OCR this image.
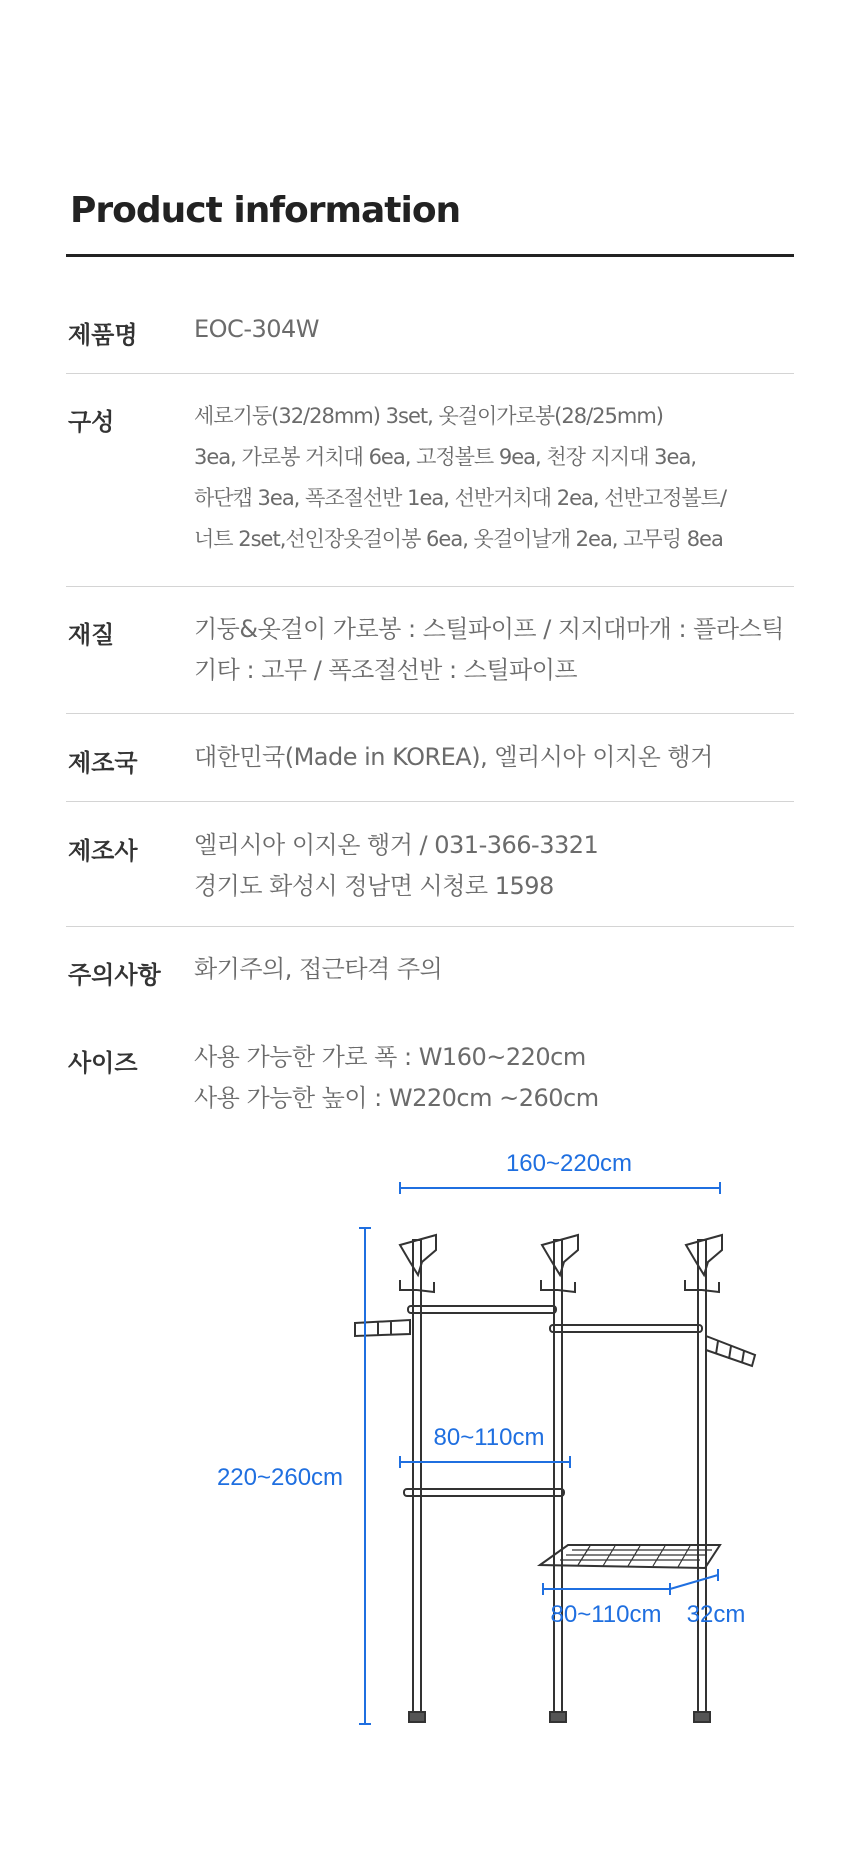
Product information
제품명 EOC-304W
구성	세로기둥(32/28mm) 3set, 옷걸이가로봉(28/25mm)
3ea, 가로봉 거치대 6ea, 고정볼트 9ea, 천장 지지대 3ea,
하단캡 3ea, 폭조절선반 1ea, 선반거치대 2ea, 선반고정볼트/
너트 2set,선인장옷걸이봉 6ea, 옷걸이날개 2ea, 고무링 8ea
재질	기둥&옷걸이 가로봉 : 스틸파이프 / 지지대마개 : 플라스틱
기타 : 고무 / 폭조절선반 : 스틸파이프
제조국 대한민국(Made in KOREA), 엘리시아 이지온 행거
제조사 엘리시아 이지온 행거 / 031-366-3321
경기도 화성시 정남면 시청로 1598
주의사항 화기주의, 접근타격 주의
사이즈 사용 가능한 가로 폭 : W160~220cm
사용 가능한 높이 : W220cm ~260cm
160~220cm
220~260cm
80~110cm
80~110cm 32cm
